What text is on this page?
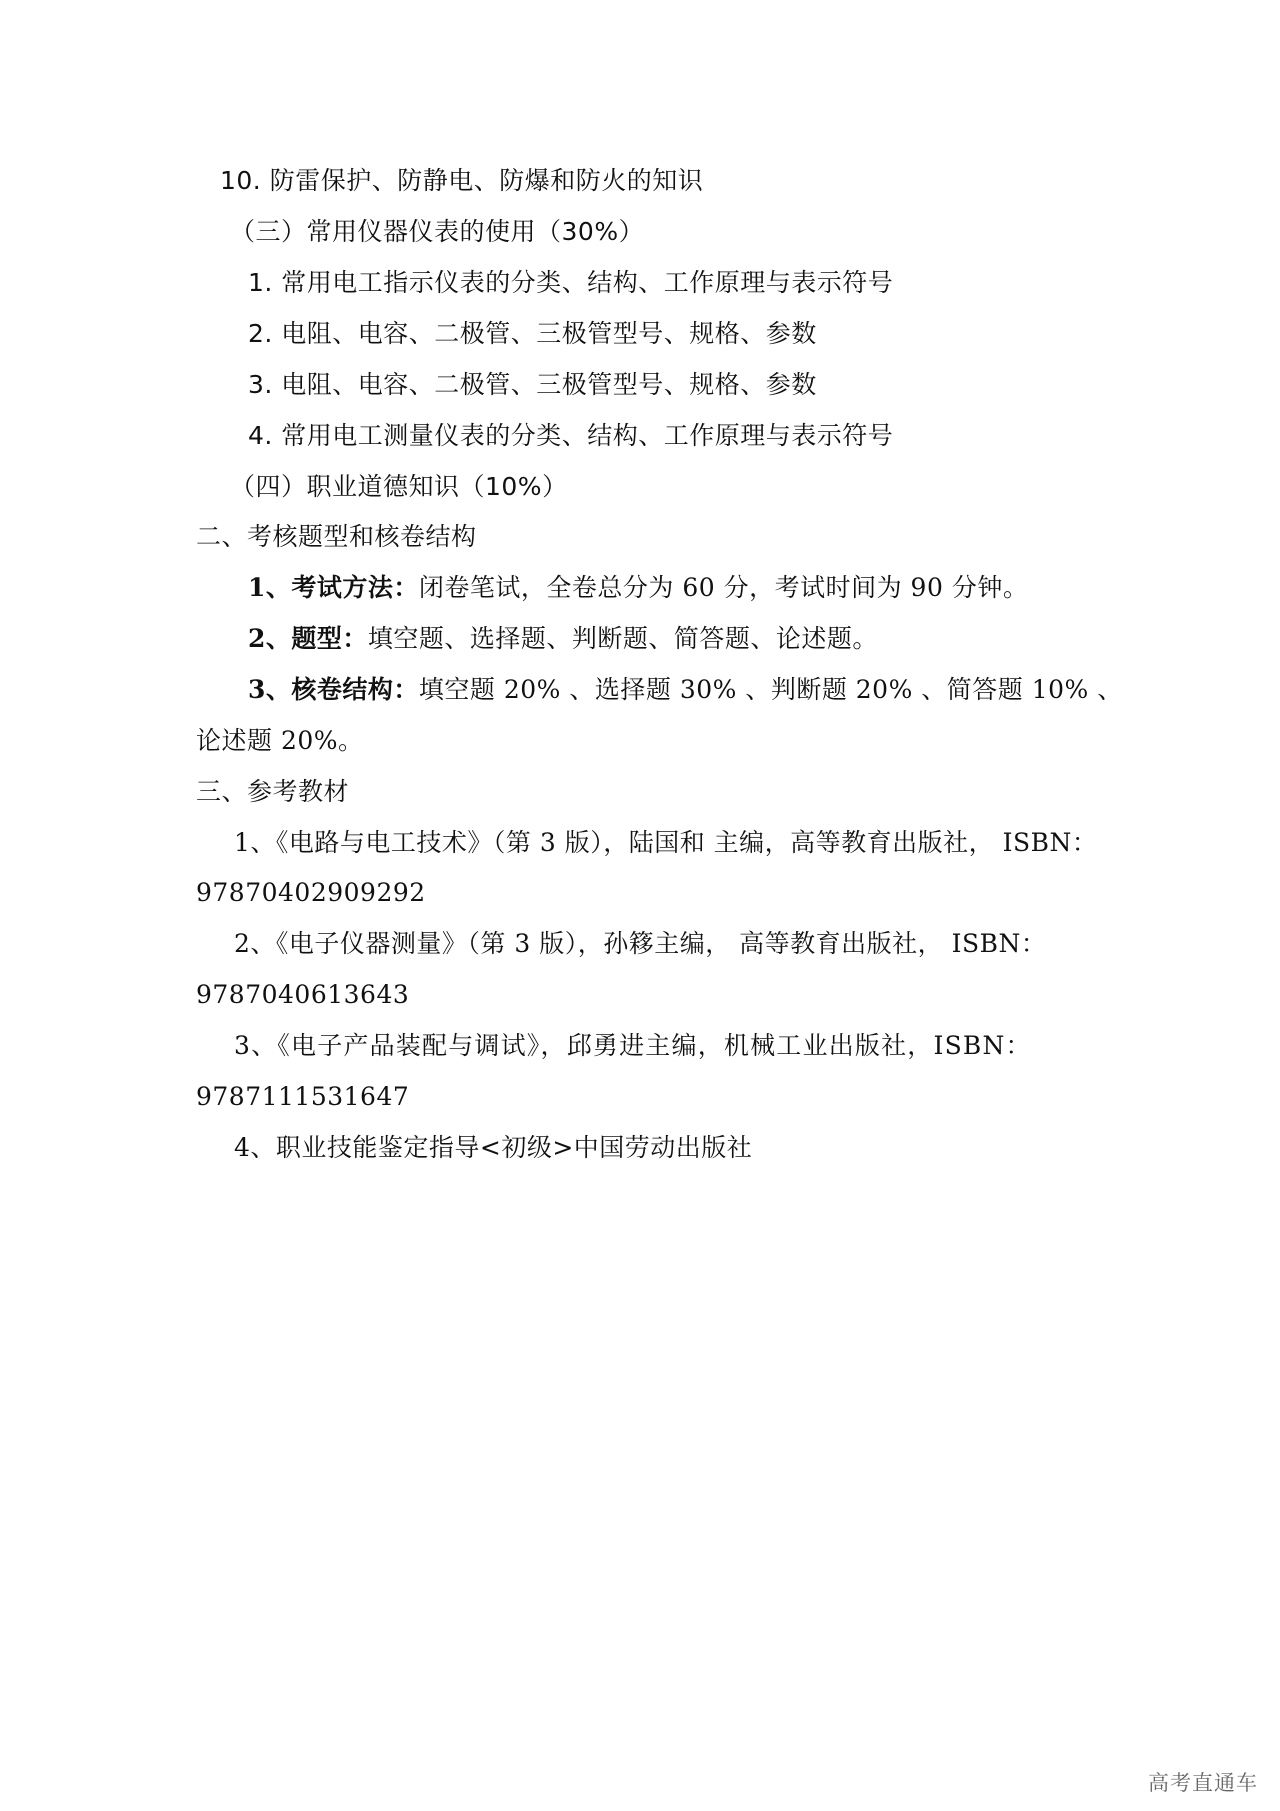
10. 防雷保护、防静电、防爆和防火的知识
（三）常用仪器仪表的使用（30%）
1. 常用电工指示仪表的分类、结构、工作原理与表示符号
2. 电阻、电容、二极管、三极管型号、规格、参数
3. 电阻、电容、二极管、三极管型号、规格、参数
4. 常用电工测量仪表的分类、结构、工作原理与表示符号
（四）职业道德知识（10%）
二、考核题型和核卷结构
1、考试方法：闭卷笔试，全卷总分为 60 分，考试时间为 90 分钟。
2、题型：填空题、选择题、判断题、简答题、论述题。
3、核卷结构：填空题 20% 、选择题 30% 、判断题 20% 、简答题 10% 、
论述题 20%。
三、参考教材
1、《电路与电工技术》（第 3 版），陆国和 主编，高等教育出版社， ISBN：
97870402909292
2、《电子仪器测量》（第 3 版），孙簃主编， 高等教育出版社， ISBN：
9787040613643
3、《电子产品装配与调试》，邱勇进主编，机械工业出版社，ISBN：
9787111531647
4、职业技能鉴定指导<初级>中国劳动出版社
高考直通车
